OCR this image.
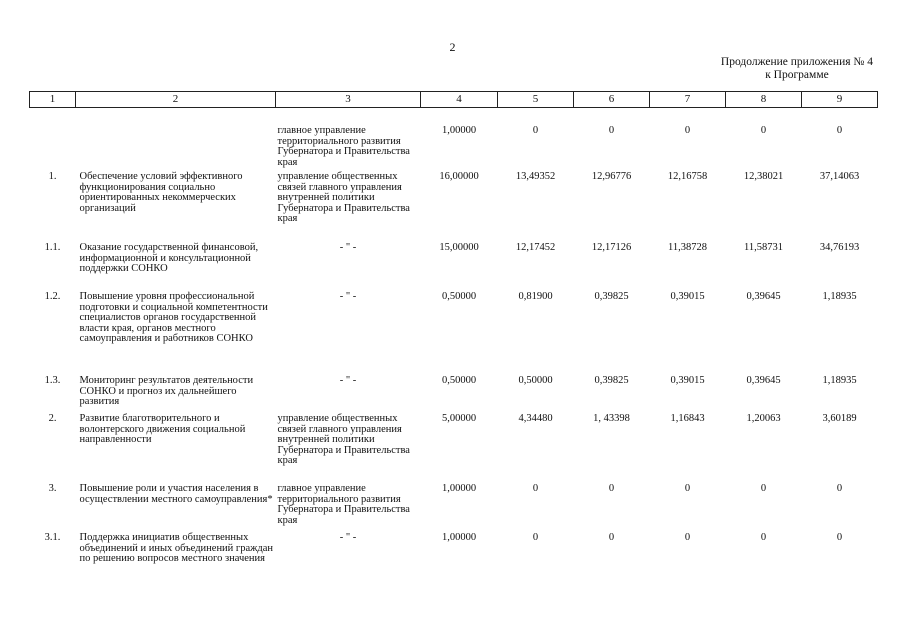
2
Продолжение приложения № 4
к Программе
1	2	3	4	5	6	7	8	9

		главное управление территориального развития Губернатора и Правительства края	1,00000	0	0	0	0	0
1.	Обеспечение условий эффективного функционирования социально ориентированных некоммерческих организаций	управление общественных связей главного управления внутренней политики Губернатора и Правительства края	16,00000	13,49352	12,96776	12,16758	12,38021	37,14063
1.1.	Оказание государственной финансовой, информационной и консультационной поддержки СОНКО	- " -	15,00000	12,17452	12,17126	11,38728	11,58731	34,76193
1.2.	Повышение уровня профессиональной подготовки и социальной компетентности специалистов органов государственной власти края, органов местного самоуправления и работников СОНКО	- " -	0,50000	0,81900	0,39825	0,39015	0,39645	1,18935
1.3.	Мониторинг результатов деятельности СОНКО и прогноз их дальнейшего развития	- " -	0,50000	0,50000	0,39825	0,39015	0,39645	1,18935
2.	Развитие благотворительного и волонтерского движения социальной направленности	управление общественных связей главного управления внутренней политики Губернатора и Правительства края	5,00000	4,34480	1, 43398	1,16843	1,20063	3,60189
3.	Повышение роли и участия населения в осуществлении местного самоуправления*	главное управление территориального развития Губернатора и Правительства края	1,00000	0	0	0	0	0
3.1.	Поддержка инициатив общественных объединений и иных объединений граждан по решению вопросов местного значения	- " -	1,00000	0	0	0	0	0
